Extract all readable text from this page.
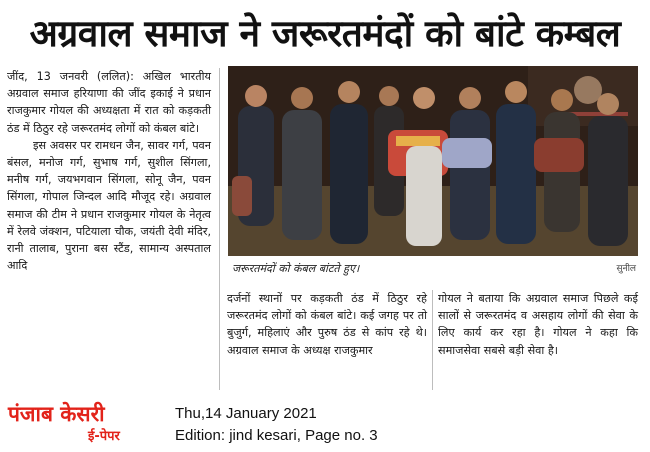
अग्रवाल समाज ने जरूरतमंदों को बांटे कम्बल

जींद, 13 जनवरी (ललित): अखिल भारतीय अग्रवाल समाज हरियाणा की जींद इकाई ने प्रधान राजकुमार गोयल की अध्यक्षता में रात को कड़कती ठंड में ठिठुर रहे जरूरतमंद लोगों को कंबल बांटे।

इस अवसर पर रामधन जैन, सावर गर्ग, पवन बंसल, मनोज गर्ग, सुभाष गर्ग, सुशील सिंगला, मनीष गर्ग, जयभगवान सिंगला, सोनू जैन, पवन सिंगला, गोपाल जिन्दल आदि मौजूद रहे। अग्रवाल समाज की टीम ने प्रधान राजकुमार गोयल के नेतृत्व में रेलवे जंक्शन, पटियाला चौक, जयंती देवी मंदिर, रानी तालाब, पुराना बस स्टैंड, सामान्य अस्पताल आदि	जरूरतमंदों को कंबल बांटते हुए।	सुनील

दर्जनों स्थानों पर कड़कती ठंड में ठिठुर रहे जरूरतमंद लोगों को कंबल बांटे। कई जगह पर तो बुजुर्ग, महिलाएं और पुरुष ठंड से कांप रहे थे। अग्रवाल समाज के अध्यक्ष राजकुमार

गोयल ने बताया कि अग्रवाल समाज पिछले कई सालों से जरूरतमंद व असहाय लोगों की सेवा के लिए कार्य कर रहा है। गोयल ने कहा कि समाजसेवा सबसे बड़ी सेवा है।

पंजाब केसरी
ई-पेपर
Thu,14 January 2021
Edition: jind kesari, Page no. 3
